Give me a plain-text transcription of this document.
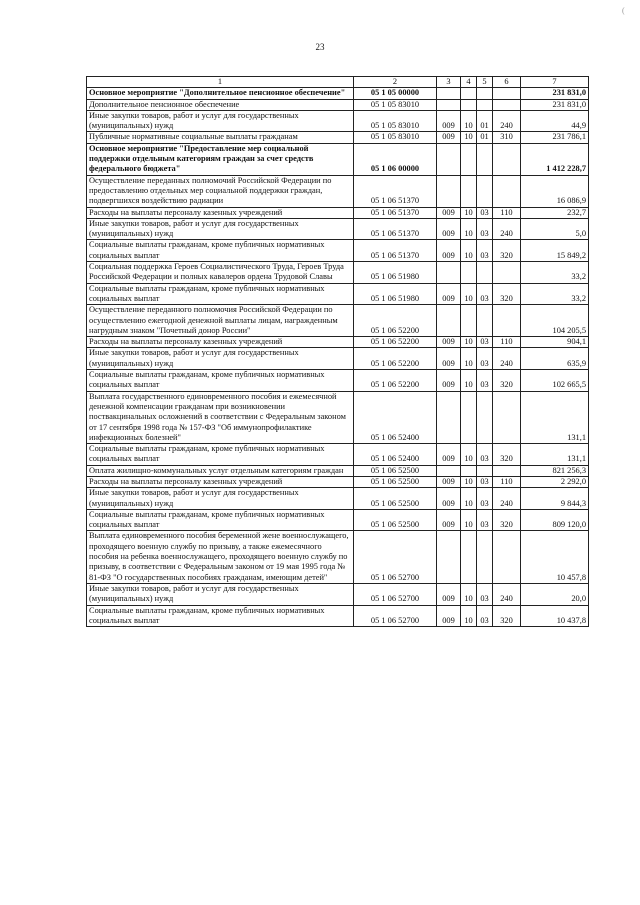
(
23
1	2	3	4	5	6	7
Основное мероприятие "Дополнительное пенсионное обеспечение"	05 1 05 00000					231 831,0
Дополнительное пенсионное обеспечение	05 1 05 83010					231 831,0
Иные закупки товаров, работ и услуг для государственных (муниципальных) нужд	05 1 05 83010	009	10	01	240	44,9
Публичные нормативные социальные выплаты гражданам	05 1 05 83010	009	10	01	310	231 786,1
Основное мероприятие "Предоставление мер социальной поддержки отдельным категориям граждан за счет средств федерального бюджета"	05 1 06 00000					1 412 228,7
Осуществление переданных полномочий Российской Федерации по предоставлению отдельных мер социальной поддержки граждан, подвергшихся воздействию радиации	05 1 06 51370					16 086,9
Расходы на выплаты персоналу казенных учреждений	05 1 06 51370	009	10	03	110	232,7
Иные закупки товаров, работ и услуг для государственных (муниципальных) нужд	05 1 06 51370	009	10	03	240	5,0
Социальные выплаты гражданам, кроме публичных нормативных социальных выплат	05 1 06 51370	009	10	03	320	15 849,2
Социальная поддержка Героев Социалистического Труда, Героев Труда Российской Федерации и полных кавалеров ордена Трудовой Славы	05 1 06 51980					33,2
Социальные выплаты гражданам, кроме публичных нормативных социальных выплат	05 1 06 51980	009	10	03	320	33,2
Осуществление переданного полномочия Российской Федерации по осуществлению ежегодной денежной выплаты лицам, награжденным нагрудным знаком "Почетный донор России"	05 1 06 52200					104 205,5
Расходы на выплаты персоналу казенных учреждений	05 1 06 52200	009	10	03	110	904,1
Иные закупки товаров, работ и услуг для государственных (муниципальных) нужд	05 1 06 52200	009	10	03	240	635,9
Социальные выплаты гражданам, кроме публичных нормативных социальных выплат	05 1 06 52200	009	10	03	320	102 665,5
Выплата государственного единовременного пособия и ежемесячной денежной компенсации гражданам при возникновении поствакцинальных осложнений в соответствии с Федеральным законом от 17 сентября 1998 года № 157-ФЗ "Об иммунопрофилактике инфекционных болезней"	05 1 06 52400					131,1
Социальные выплаты гражданам, кроме публичных нормативных социальных выплат	05 1 06 52400	009	10	03	320	131,1
Оплата жилищно-коммунальных услуг отдельным категориям граждан	05 1 06 52500					821 256,3
Расходы на выплаты персоналу казенных учреждений	05 1 06 52500	009	10	03	110	2 292,0
Иные закупки товаров, работ и услуг для государственных (муниципальных) нужд	05 1 06 52500	009	10	03	240	9 844,3
Социальные выплаты гражданам, кроме публичных нормативных социальных выплат	05 1 06 52500	009	10	03	320	809 120,0
Выплата единовременного пособия беременной жене военнослужащего, проходящего военную службу по призыву, а также ежемесячного пособия на ребенка военнослужащего, проходящего военную службу по призыву, в соответствии с Федеральным законом от 19 мая 1995 года № 81-ФЗ "О государственных пособиях гражданам, имеющим детей"	05 1 06 52700					10 457,8
Иные закупки товаров, работ и услуг для государственных (муниципальных) нужд	05 1 06 52700	009	10	03	240	20,0
Социальные выплаты гражданам, кроме публичных нормативных социальных выплат	05 1 06 52700	009	10	03	320	10 437,8
